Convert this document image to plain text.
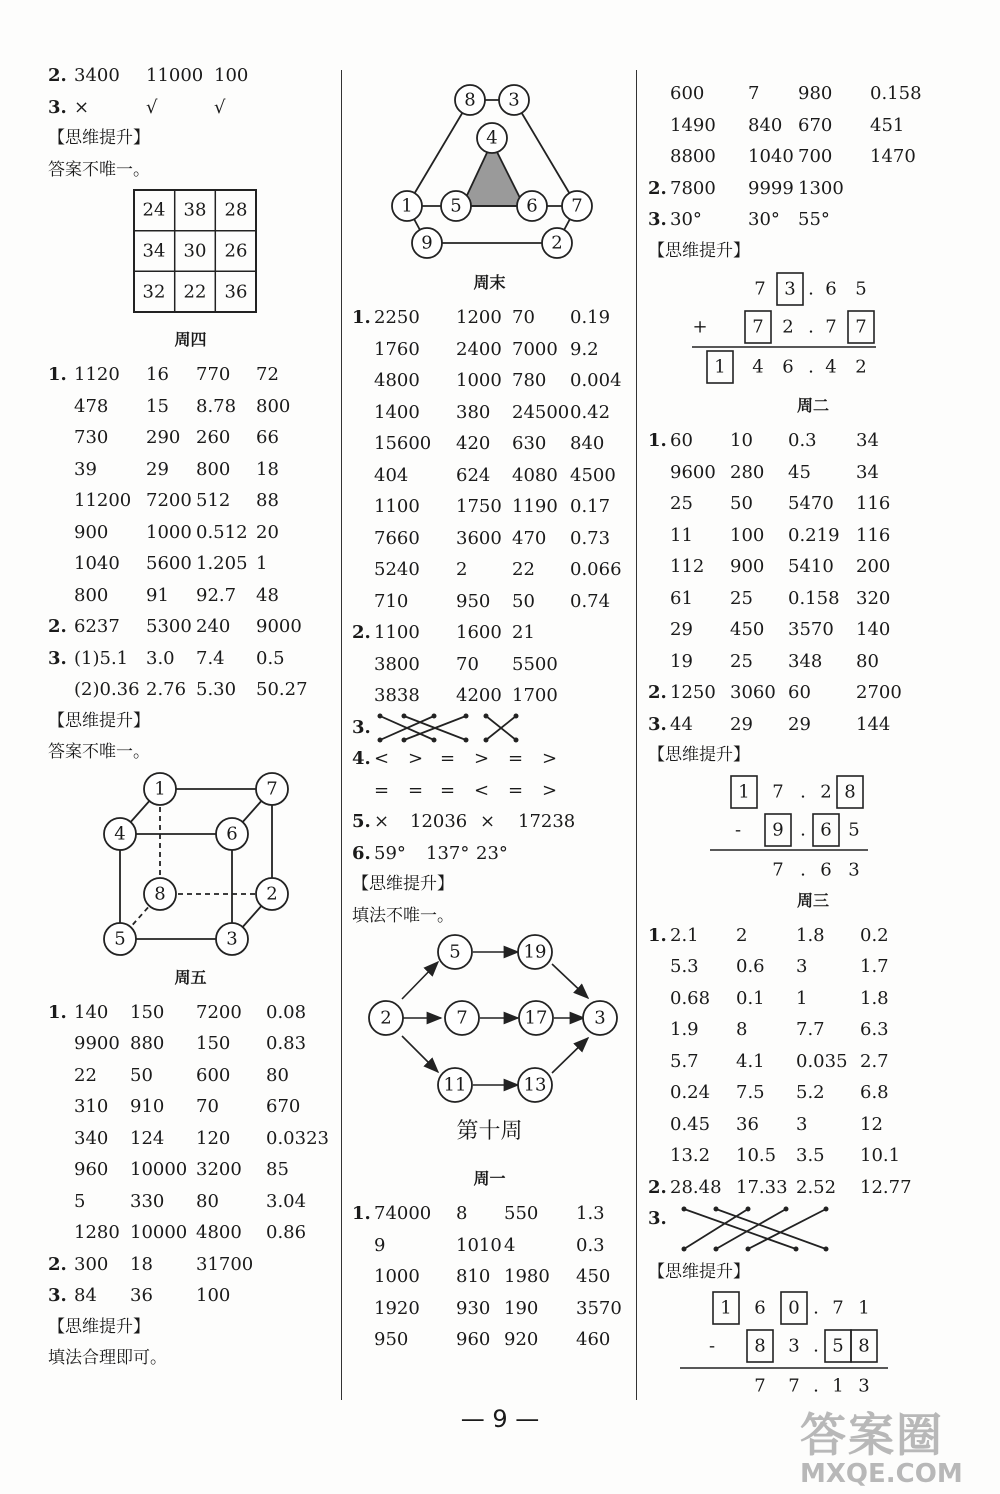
2. 3400 11000 100
3. ×	√	√
【思维提升】
答案不唯一。
24 38 28
34 30 26
32 22 36
周四
1. 1120 16 770 72
478 15 8.78 800
730 290 260 66
39	29 800 18
11200 7200 512 88
900 1000 0.512 20
1040 5600 1.205 1
800 91 92.7 48
2. 6237 5300 240 9000
3. (1)5.1 3.0 7.4 0.5
(2)0.36 2.76 5.30 50.27
【思维提升】
答案不唯一。
1	7
4	6
8	2
5	3
周五
1. 140 150 7200 0.08
9900 880 150 0.83
22 50 600 80
310 910 70	670
340 124 120 0.0323
960 10000 3200 85
5 330 80	3.04
1280 10000 4800 0.86
2. 300 18 31700
3. 84 36 100
【思维提升】
填法合理即可。
8 3
4
1 5	6 7
9	2
周末
1. 2250 1200 70 0.19
1760 2400 7000 9.2
4800 1000 780 0.004
1400 380 24500 0.42
15600 420 630 840
404	624 4080 4500
1100 1750 1190 0.17
7660 3600 470 0.73
5240 2 22 0.066
710	950 50 0.74
2. 1100 1600 21
3800 70 5500
3838 4200 1700
3.
4. < > = > = >
= = = < = >
5. × 12036 × 17238
6. 59° 137° 23°
【思维提升】
填法不唯一。
5	19
2	7	17	3
11	13
第十周
周一
1. 74000 8 550 1.3
9	1010 4	0.3
1000 810 1980 450
1920 930 190 3570
950	960 920 460
600 7 980 0.158
1490 840 670 451
8800 1040 700 1470
2. 7800 9999 1300
3. 30°	30° 55°
【思维提升】
7 3 . 6 5
7 2 . 7 7
1 4 6 . 4 2
+
周二
1. 60 10 0.3 34
9600 280 45	34
25 50 5470 116
11 100 0.219 116
112 900 5410 200
61 25 0.158 320
29 450 3570 140
19 25 348 80
2. 1250 3060 60	2700
3. 44 29 29	144
【思维提升】
1 7 . 2 8
9 . 6 5
7 . 6 3
-
周三
1. 2.1 2	1.8 0.2
5.3 0.6 3	1.7
0.68 0.1 1	1.8
1.9 8	7.7 6.3
5.7 4.1 0.035 2.7
0.24 7.5 5.2 6.8
0.45 36 3	12
13.2 10.5 3.5 10.1
2. 28.48 17.33 2.52 12.77
3.
【思维提升】
1 6 0 . 7 1
8 3 . 5 8
7 7 . 1 3
-
— 9 —	答案圈
MXQE.COM
